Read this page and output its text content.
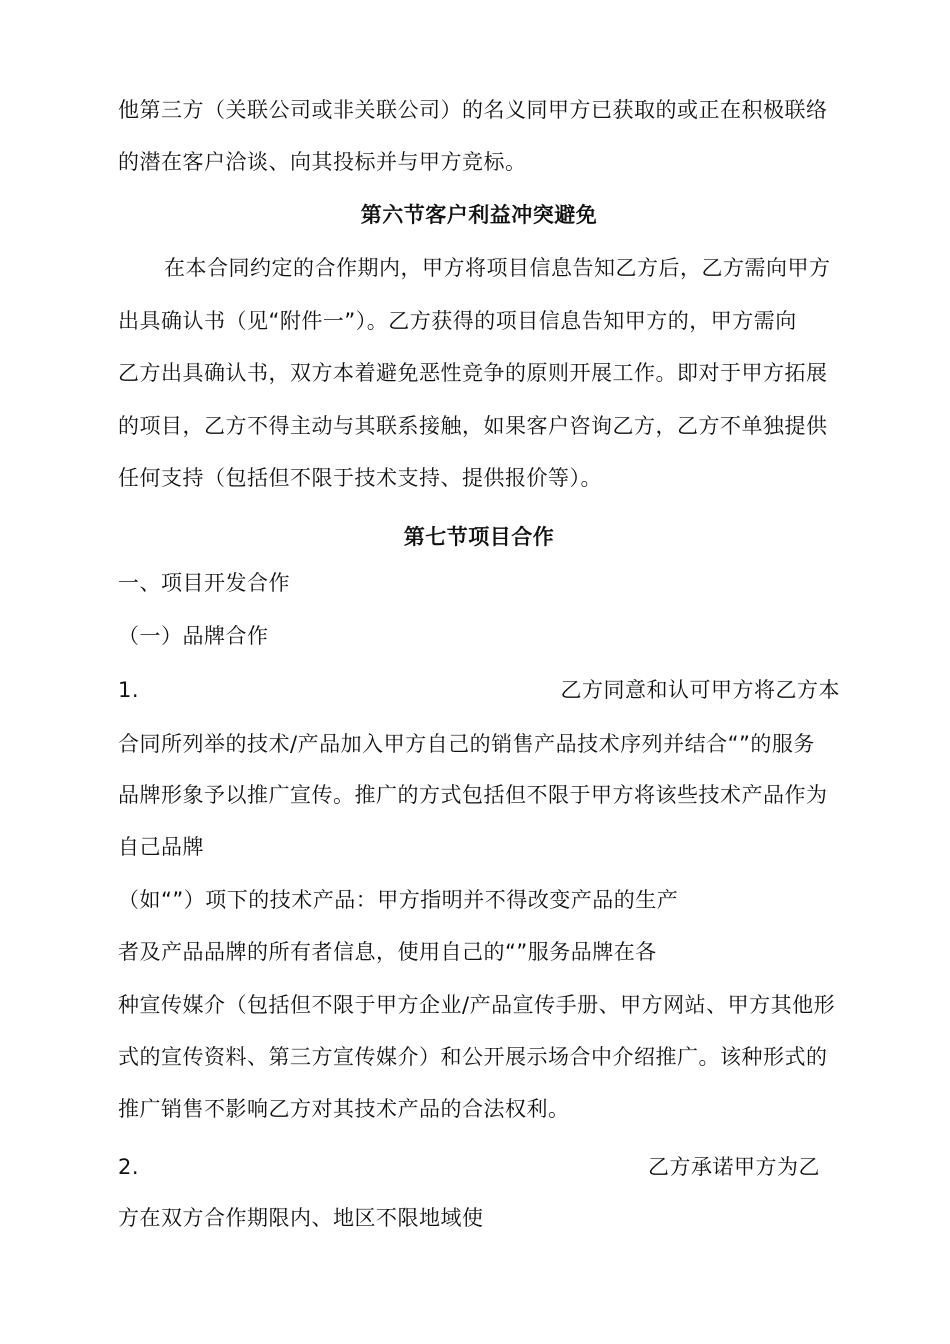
他第三方（关联公司或非关联公司）的名义同甲方已获取的或正在积极联络
的潜在客户洽谈、向其投标并与甲方竞标。
第六节客户利益冲突避免
在本合同约定的合作期内，甲方将项目信息告知乙方后，乙方需向甲方
出具确认书（见“附件一”）。乙方获得的项目信息告知甲方的，甲方需向
乙方出具确认书，双方本着避免恶性竞争的原则开展工作。即对于甲方拓展
的项目，乙方不得主动与其联系接触，如果客户咨询乙方，乙方不单独提供
任何支持（包括但不限于技术支持、提供报价等）。
第七节项目合作
一、项目开发合作
（一）品牌合作
1.	乙方同意和认可甲方将乙方本
合同所列举的技术/产品加入甲方自己的销售产品技术序列并结合“”的服务
品牌形象予以推广宣传。推广的方式包括但不限于甲方将该些技术产品作为
自己品牌
（如“”）项下的技术产品：甲方指明并不得改变产品的生产
者及产品品牌的所有者信息，使用自己的“”服务品牌在各
种宣传媒介（包括但不限于甲方企业/产品宣传手册、甲方网站、甲方其他形
式的宣传资料、第三方宣传媒介）和公开展示场合中介绍推广。该种形式的
推广销售不影响乙方对其技术产品的合法权利。
2.	乙方承诺甲方为乙
方在双方合作期限内、地区不限地域使
